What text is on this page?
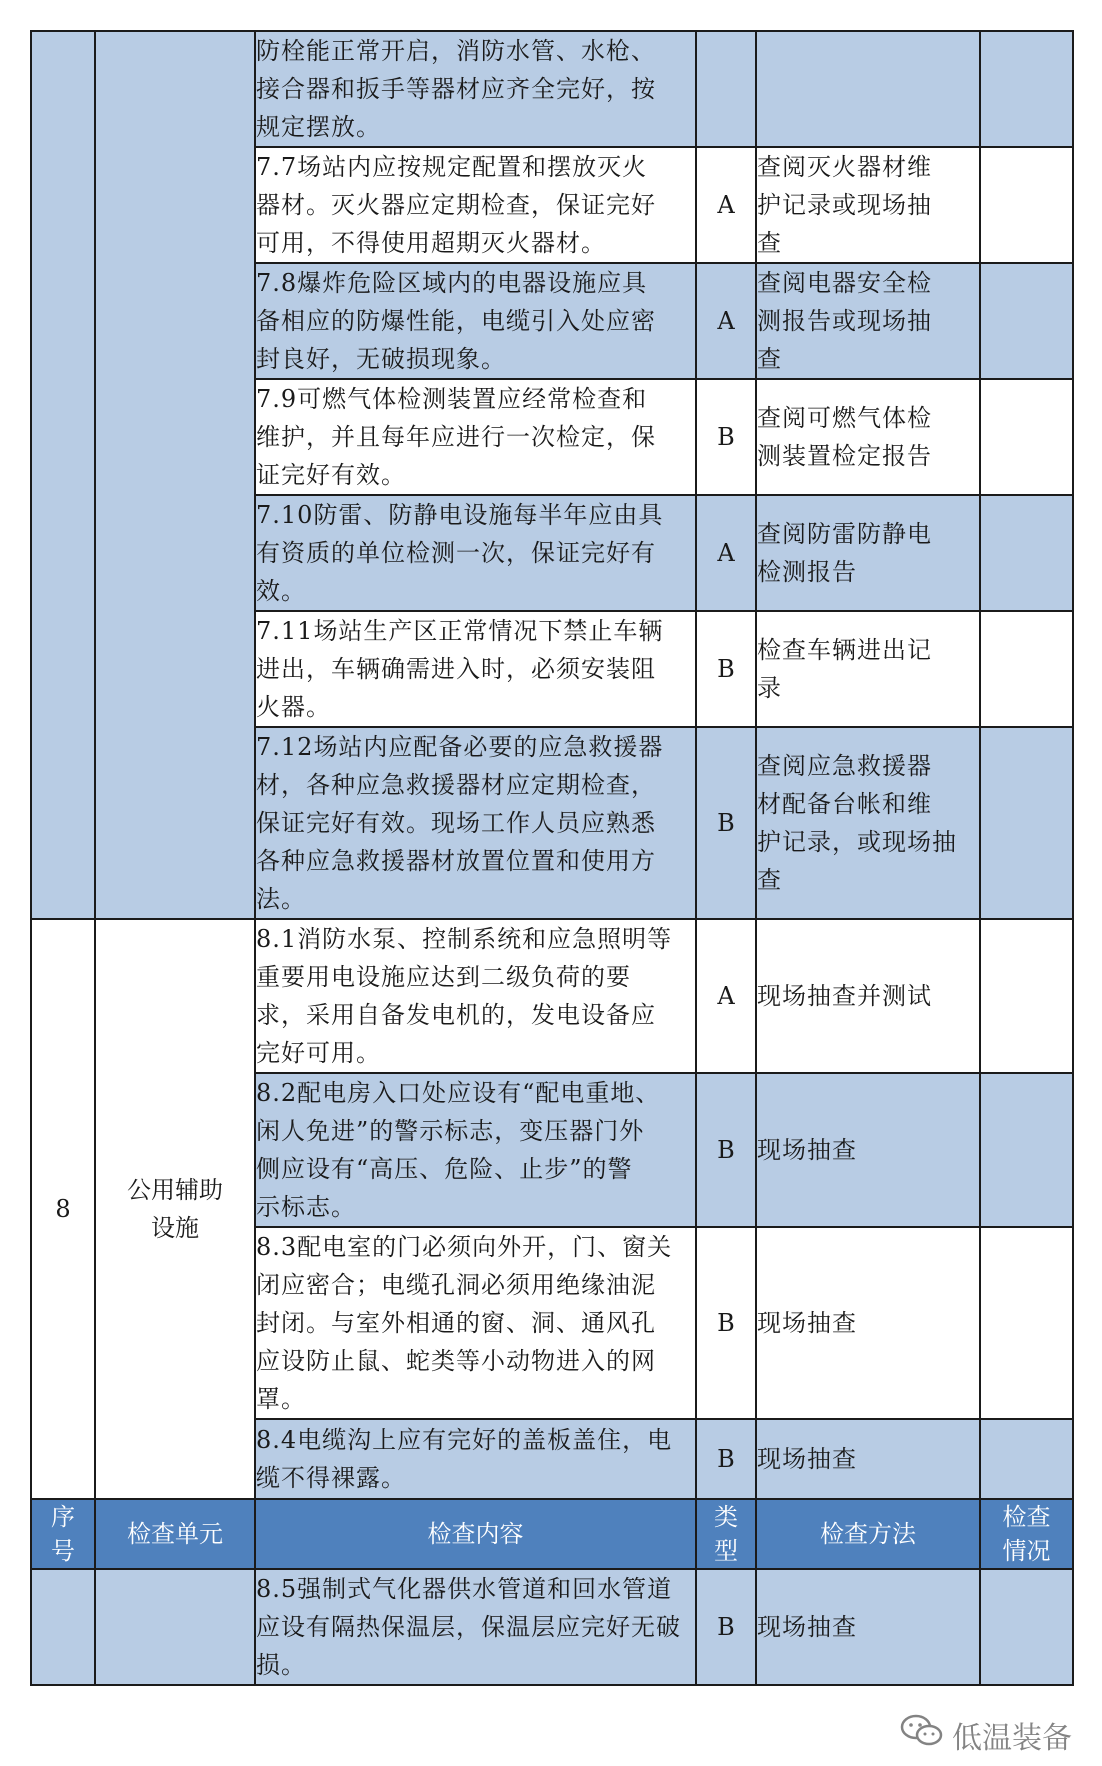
		防栓能正常开启，消防水管、水枪、
接合器和扳手等器材应齐全完好，按
规定摆放。			

		7.7场站内应按规定配置和摆放灭火
器材。灭火器应定期检查，保证完好
可用，不得使用超期灭火器材。	A	查阅灭火器材维
护记录或现场抽
查	

		7.8爆炸危险区域内的电器设施应具
备相应的防爆性能，电缆引入处应密
封良好，无破损现象。	A	查阅电器安全检
测报告或现场抽
查	

		7.9可燃气体检测装置应经常检查和
维护，并且每年应进行一次检定，保
证完好有效。	B	查阅可燃气体检
测装置检定报告	

		7.10防雷、防静电设施每半年应由具
有资质的单位检测一次，保证完好有
效。	A	查阅防雷防静电
检测报告	

		7.11场站生产区正常情况下禁止车辆
进出，车辆确需进入时，必须安装阻
火器。	B	检查车辆进出记
录	

		7.12场站内应配备必要的应急救援器
材，各种应急救援器材应定期检查，
保证完好有效。现场工作人员应熟悉
各种应急救援器材放置位置和使用方
法。	B	查阅应急救援器
材配备台帐和维
护记录，或现场抽
查	

8	公用辅助
设施	8.1消防水泵、控制系统和应急照明等
重要用电设施应达到二级负荷的要
求，采用自备发电机的，发电设备应
完好可用。	A	现场抽查并测试	

		8.2配电房入口处应设有“配电重地、
闲人免进”的警示标志，变压器门外
侧应设有“高压、危险、止步”的警
示标志。	B	现场抽查	

		8.3配电室的门必须向外开，门、窗关
闭应密合；电缆孔洞必须用绝缘油泥
封闭。与室外相通的窗、洞、通风孔
应设防止鼠、蛇类等小动物进入的网
罩。	B	现场抽查	

		8.4电缆沟上应有完好的盖板盖住，电
缆不得裸露。	B	现场抽查	

序
号	检查单元	检查内容	类
型	检查方法	检查
情况

		8.5强制式气化器供水管道和回水管道
应设有隔热保温层，保温层应完好无破
损。	B	现场抽查	

低温装备
